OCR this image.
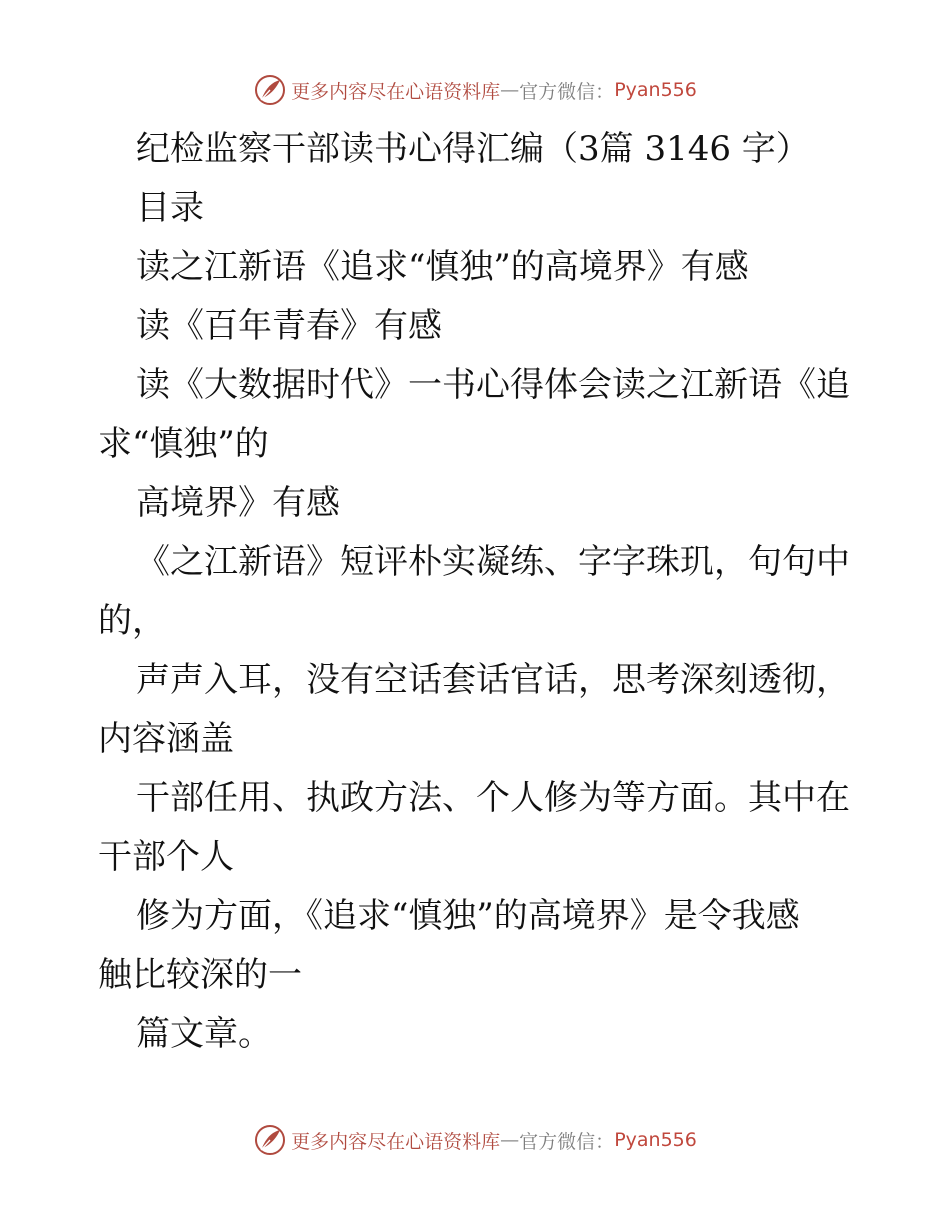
更多内容尽在心语资料库 — 官方微信： Pyan556

纪检监察干部读书心得汇编（3篇 3146 字）

目录

读之江新语《追求“慎独”的高境界》有感

读《百年青春》有感

读《大数据时代》一书心得体会读之江新语《追

求“慎独”的

高境界》有感

《之江新语》短评朴实凝练、字字珠玑，句句中

的，

声声入耳，没有空话套话官话，思考深刻透彻，

内容涵盖

干部任用、执政方法、个人修为等方面。其中在

干部个人

修为方面，《追求“慎独”的高境界》是令我感

触比较深的一

篇文章。

更多内容尽在心语资料库 — 官方微信： Pyan556
